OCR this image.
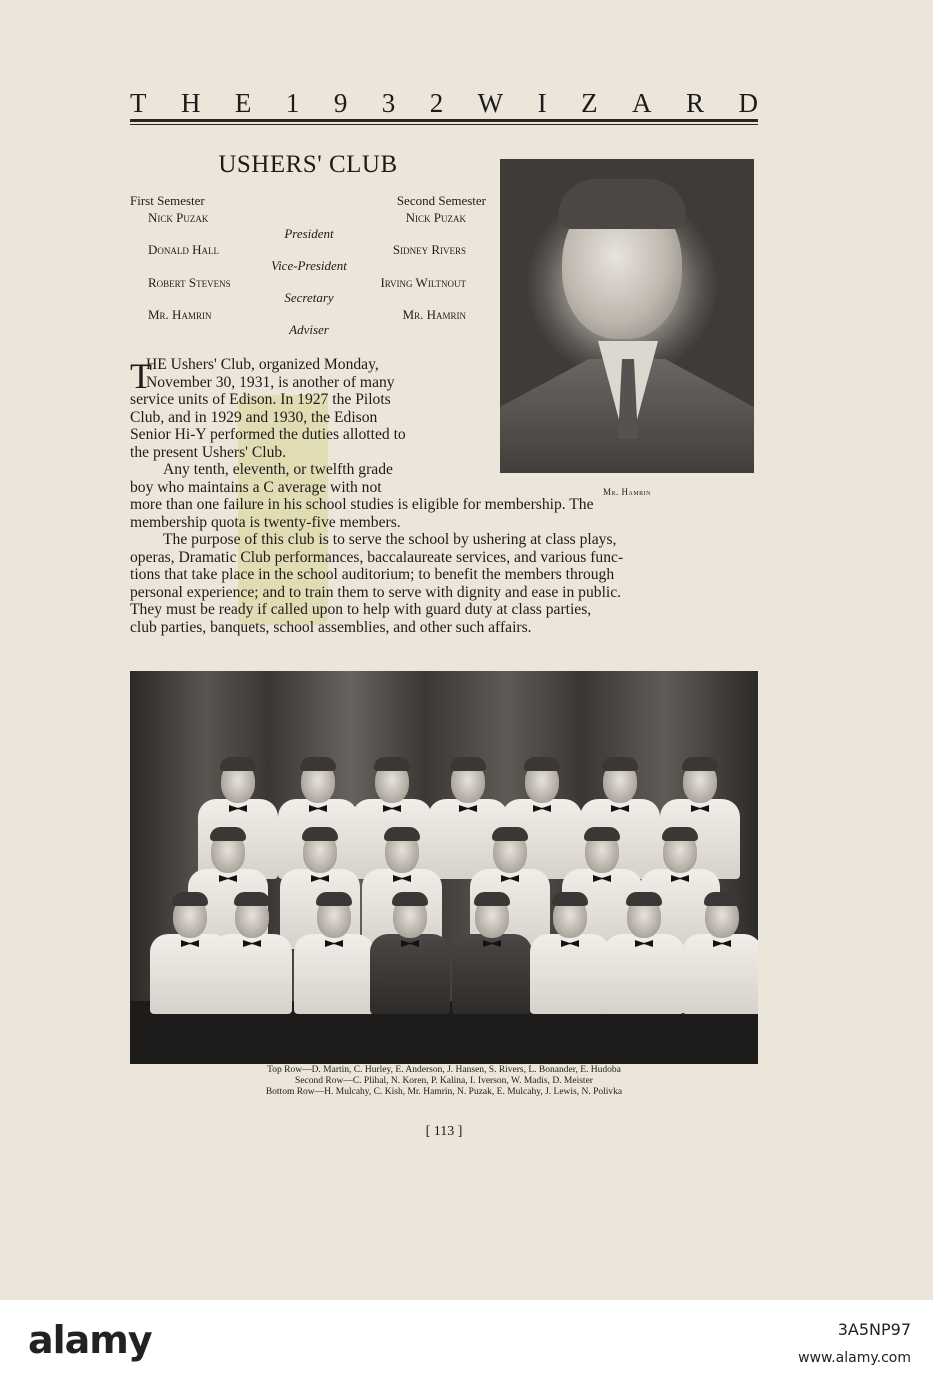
T H E 1 9 3 2 W I Z A R D
USHERS' CLUB
First Semester	Second Semester
Nick Puzak	Nick Puzak
President
Donald Hall	Sidney Rivers
Vice-President
Robert Stevens	Irving Wiltnout
Secretary
Mr. Hamrin	Mr. Hamrin
Adviser
Mr. Hamrin
T
HE Ushers' Club, organized Monday,
November 30, 1931, is another of many
service units of Edison. In 1927 the Pilots
Club, and in 1929 and 1930, the Edison
Senior Hi-Y performed the duties allotted to
the present Ushers' Club.
Any tenth, eleventh, or twelfth grade
boy who maintains a C average with not
more than one failure in his school studies is eligible for membership. The
membership quota is twenty-five members.
The purpose of this club is to serve the school by ushering at class plays,
operas, Dramatic Club performances, baccalaureate services, and various func-
tions that take place in the school auditorium; to benefit the members through
personal experience; and to train them to serve with dignity and ease in public.
They must be ready if called upon to help with guard duty at class parties,
club parties, banquets, school assemblies, and other such affairs.
Top Row—D. Martin, C. Hurley, E. Anderson, J. Hansen, S. Rivers, L. Bonander, E. Hudoba
Second Row—C. Plihal, N. Koren, P. Kalina, I. Iverson, W. Madis, D. Meister
Bottom Row—H. Mulcahy, C. Kish, Mr. Hamrin, N. Puzak, E. Mulcahy, J. Lewis, N. Polivka
[ 113 ]
alamy	3A5NP97
www.alamy.com
